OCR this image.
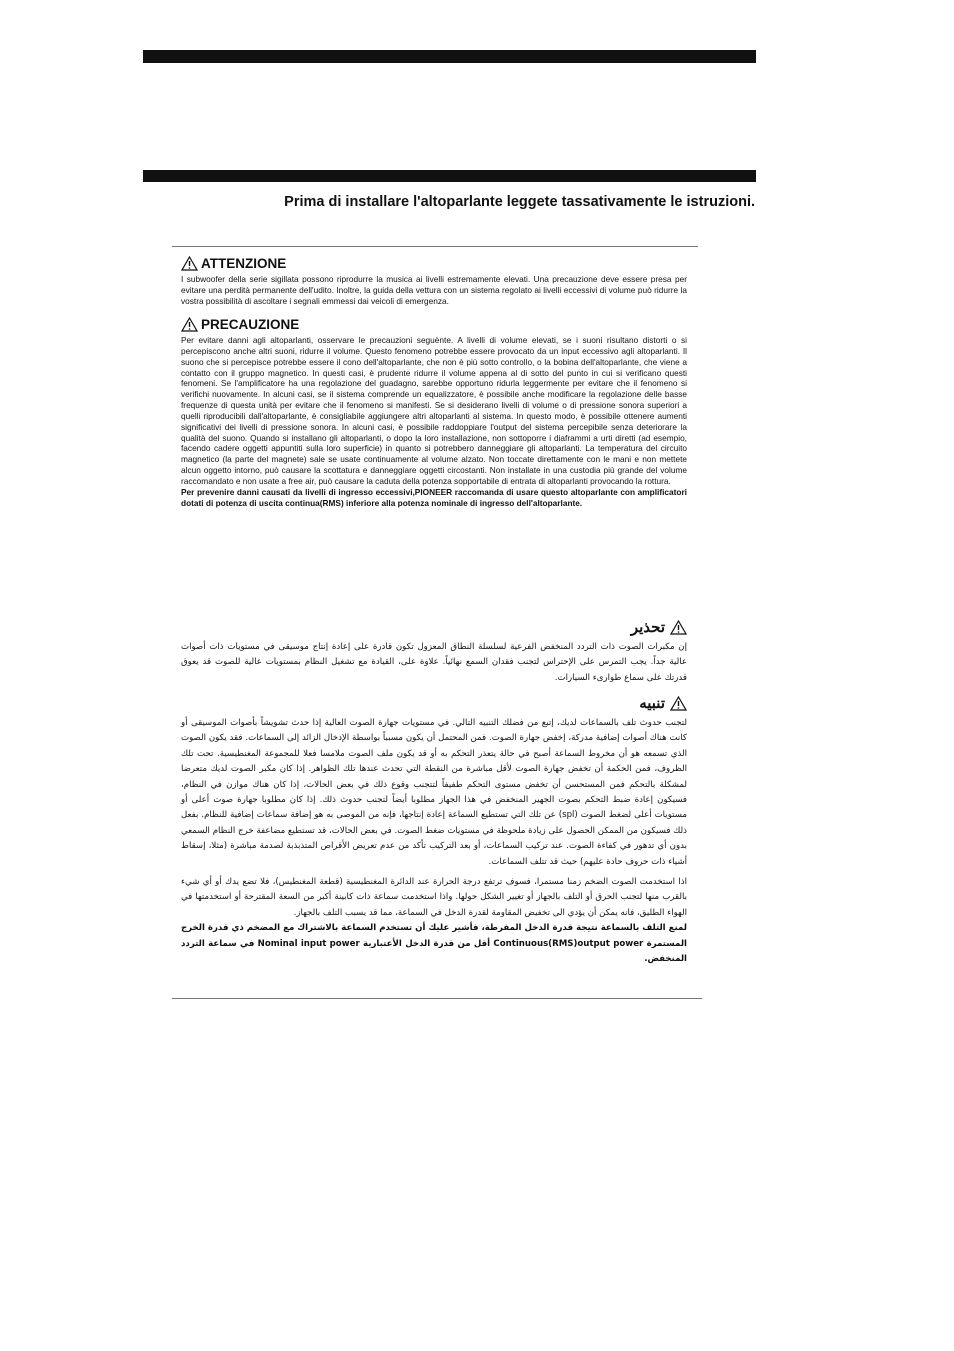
Prima di installare l'altoparlante leggete tassativamente le istruzioni.
ATTENZIONE
I subwoofer della serie sigillata possono riprodurre la musica ai livelli estremamente elevati. Una precauzione deve essere presa per evitare una perdità permanente dell'udito. Inoltre, la guida della vettura con un sistema regolato ai livelli eccessivi di volume può ridurre la vostra possibilità di ascoltare i segnali emmessi dai veicoli di emergenza.
PRECAUZIONE
Per evitare danni agli altoparlanti, osservare le precauzioni seguènte. A livelli di volume elevati, se i suoni risultano distorti o si percepiscono anche altri suoni, ridurre il volume. Questo fenomeno potrebbe essere provocato da un input eccessivo agli altoparlanti. Il suono che si percepisce potrebbe essere il cono dell'altoparlante, che non è più sotto controllo, o la bobina dell'altoparlante, che viene a contatto con il gruppo magnetico. In questi casi, è prudente ridurre il volume appena al di sotto del punto in cui si verificano questi fenomeni. Se l'amplificatore ha una regolazione del guadagno, sarebbe opportuno ridurla leggermente per evitare che il fenomeno si verifichi nuovamente. In alcuni casi, se il sistema comprende un equalizzatore, è possibile anche modificare la regolazione delle basse frequenze di questa unità per evitare che il fenomeno si manifesti. Se si desiderano livelli di volume o di pressione sonora superiori a quelli riproducibili dall'altoparlante, è consigliabile aggiungere altri altoparlanti al sistema. In questo modo, è possibile ottenere aumenti significativi dei livelli di pressione sonora. In alcuni casi, è possibile raddoppiare l'output del sistema percepibile senza deteriorare la qualità del suono. Quando si installano gli altoparlanti, o dopo la loro installazione, non sottoporre i diaframmi a urti diretti (ad esempio, facendo cadere oggetti appuntiti sulla loro superficie) in quanto si potrebbero danneggiare gli altoparlanti. La temperatura del circuito magnetico (la parte del magnete) sale se usate continuamente al volume alzato. Non toccate direttamente con le mani e non mettete alcun oggetto intorno, può causare la scottatura e danneggiare oggetti circostanti. Non installate in una custodia più grande del volume raccomandato e non usate a free air, può causare la caduta della potenza sopportabile di entrata di altoparlanti provocando la rottura.
Per prevenire danni causati da livelli di ingresso eccessivi,PIONEER raccomanda di usare questo altoparlante con amplificatori dotati di potenza di uscita continua(RMS) inferiore alla potenza nominale di ingresso dell'altoparlante.
تحذير
إن مكبرات الصوت ذات التردد المنخفض الفرعية لسلسلة النطاق المعزول تكون قادرة على إعادة إنتاج موسيقى في مستويات ذات أصوات عالية جداً. يجب التمرس على الإحتراس لتجنب فقدان السمع نهائياً. علاوة على، القيادة مع تشغيل النظام بمستويات عالية للصوت قد يعوق قدرتك على سماع طوارىء السيارات.
تنبيه
لتجنب حدوث تلف بالسماعات لديك، إتبع من فضلك التنبيه التالي. في مستويات جهارة الصوت العالية إذا حدث تشويشاً بأصوات الموسيقى أو كانت هناك أصوات إضافية مدركة، إخفض جهارة الصوت. فمن المحتمل أن يكون مسبباً بواسطة الإدخال الزائد إلى السماعات. فقد يكون الصوت الذي تسمعه هو أن مخروط السماعة أصبح في حالة يتعذر التحكم به أو قد يكون ملف الصوت ملامسا فعلا للمجموعة المغنطيسية. تحت تلك الظروف، فمن الحكمة أن تخفض جهارة الصوت لأقل مباشرة من النقطة التي تحدث عندها تلك الظواهر. إذا كان مكبر الصوت لديك متعرضا لمشكلة بالتحكم فمن المستحسن أن تخفض مستوى التحكم طفيفاً لتتجنب وقوع ذلك في بعض الحالات، إذا كان هناك موازن في النظام، فسيكون إعادة ضبط التحكم بصوت الجهير المنخفض في هذا الجهاز مطلوبا أيضاً لتجنب حدوث ذلك. إذا كان مطلوبا جهارة صوت أعلى أو مستويات أعلى لضغط الصوت (spl) عن تلك التي تستطيع السماعة إعادة إنتاجها، فإنه من الموصى به هو إضافة سماعات إضافية للنظام. بفعل ذلك فسيكون من الممكن الحصول على زيادة ملحوظة في مستويات ضغط الصوت. في بعض الحالات، قد تستطيع مضاعفة خرج النظام السمعي بدون أي تدهور في كفاءة الصوت. عند تركيب السماعات، أو بعد التركيب تأكد من عدم تعريض الأقراص المتذبذبة لصدمة مباشرة (مثلا، إسقاط أشياء ذات حروف حادة عليهم) حيث قد تتلف السماعات.
اذا استخدمت الصوت الضخم زمنا مستمرا، فسوف ترتفع درجة الحرارة عند الدائرة المغنطيسية (قطعة المغنطيس)، فلا تضع يدك أو أي شيء بالقرب منها لتجنب الحرق أو التلف بالجهاز أو تغيير الشكل حولها. واذا استخدمت سماعة ذات كابينة أكبر من السعة المقترحة أو استخدمتها في الهواء الطليق، فانه يمكن أن يؤدي الى تخفيض المقاومة لقدرة الدخل في السماعة، مما قد يسبب التلف بالجهاز.
لمنع التلف بالسماعة نتيجة قدرة الدخل المفرطة، فأشير عليك أن تستخدم السماعة بالاشتراك مع المضخم ذي قدرة الخرج المستمرة Continuous(RMS)output power أقل من قدرة الدخل الأعتبارية Nominal input power في سماعة التردد المنخفض.
